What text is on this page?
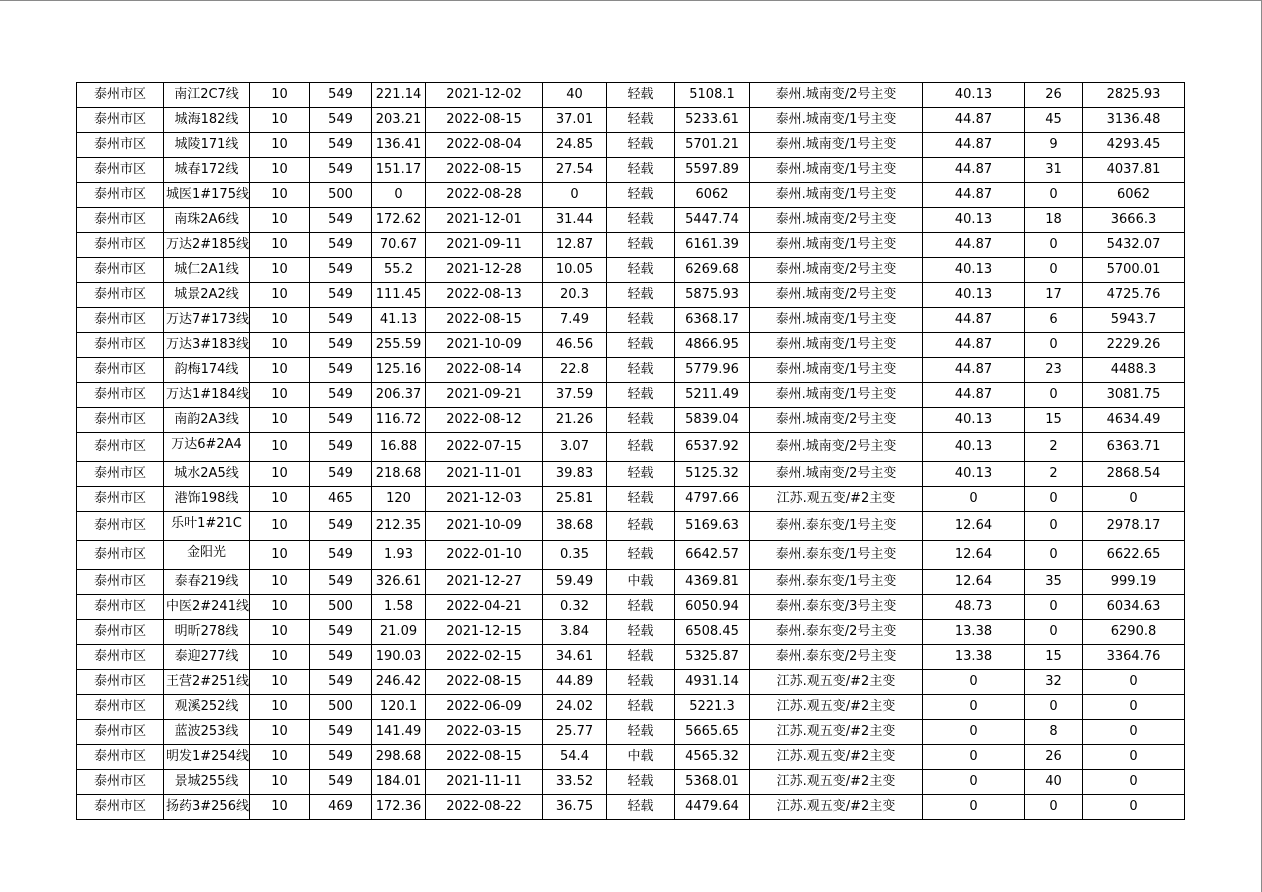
泰州市区	南江2C7线	10	549	221.14	2021-12-02	40	轻载	5108.1	泰州.城南变/2号主变	40.13	26	2825.93
泰州市区	城海182线	10	549	203.21	2022-08-15	37.01	轻载	5233.61	泰州.城南变/1号主变	44.87	45	3136.48
泰州市区	城陵171线	10	549	136.41	2022-08-04	24.85	轻载	5701.21	泰州.城南变/1号主变	44.87	9	4293.45
泰州市区	城春172线	10	549	151.17	2022-08-15	27.54	轻载	5597.89	泰州.城南变/1号主变	44.87	31	4037.81
泰州市区	城医1#175线	10	500	0	2022-08-28	0	轻载	6062	泰州.城南变/1号主变	44.87	0	6062
泰州市区	南珠2A6线	10	549	172.62	2021-12-01	31.44	轻载	5447.74	泰州.城南变/2号主变	40.13	18	3666.3
泰州市区	万达2#185线	10	549	70.67	2021-09-11	12.87	轻载	6161.39	泰州.城南变/1号主变	44.87	0	5432.07
泰州市区	城仁2A1线	10	549	55.2	2021-12-28	10.05	轻载	6269.68	泰州.城南变/2号主变	40.13	0	5700.01
泰州市区	城景2A2线	10	549	111.45	2022-08-13	20.3	轻载	5875.93	泰州.城南变/2号主变	40.13	17	4725.76
泰州市区	万达7#173线	10	549	41.13	2022-08-15	7.49	轻载	6368.17	泰州.城南变/1号主变	44.87	6	5943.7
泰州市区	万达3#183线	10	549	255.59	2021-10-09	46.56	轻载	4866.95	泰州.城南变/1号主变	44.87	0	2229.26
泰州市区	韵梅174线	10	549	125.16	2022-08-14	22.8	轻载	5779.96	泰州.城南变/1号主变	44.87	23	4488.3
泰州市区	万达1#184线	10	549	206.37	2021-09-21	37.59	轻载	5211.49	泰州.城南变/1号主变	44.87	0	3081.75
泰州市区	南韵2A3线	10	549	116.72	2022-08-12	21.26	轻载	5839.04	泰州.城南变/2号主变	40.13	15	4634.49
泰州市区	万达6#2A4	10	549	16.88	2022-07-15	3.07	轻载	6537.92	泰州.城南变/2号主变	40.13	2	6363.71
泰州市区	城水2A5线	10	549	218.68	2021-11-01	39.83	轻载	5125.32	泰州.城南变/2号主变	40.13	2	2868.54
泰州市区	港饰198线	10	465	120	2021-12-03	25.81	轻载	4797.66	江苏.观五变/#2主变	0	0	0
泰州市区	乐叶1#21C	10	549	212.35	2021-10-09	38.68	轻载	5169.63	泰州.泰东变/1号主变	12.64	0	2978.17
泰州市区	金阳光	10	549	1.93	2022-01-10	0.35	轻载	6642.57	泰州.泰东变/1号主变	12.64	0	6622.65
泰州市区	泰春219线	10	549	326.61	2021-12-27	59.49	中载	4369.81	泰州.泰东变/1号主变	12.64	35	999.19
泰州市区	中医2#241线	10	500	1.58	2022-04-21	0.32	轻载	6050.94	泰州.泰东变/3号主变	48.73	0	6034.63
泰州市区	明昕278线	10	549	21.09	2021-12-15	3.84	轻载	6508.45	泰州.泰东变/2号主变	13.38	0	6290.8
泰州市区	泰迎277线	10	549	190.03	2022-02-15	34.61	轻载	5325.87	泰州.泰东变/2号主变	13.38	15	3364.76
泰州市区	王营2#251线	10	549	246.42	2022-08-15	44.89	轻载	4931.14	江苏.观五变/#2主变	0	32	0
泰州市区	观溪252线	10	500	120.1	2022-06-09	24.02	轻载	5221.3	江苏.观五变/#2主变	0	0	0
泰州市区	蓝波253线	10	549	141.49	2022-03-15	25.77	轻载	5665.65	江苏.观五变/#2主变	0	8	0
泰州市区	明发1#254线	10	549	298.68	2022-08-15	54.4	中载	4565.32	江苏.观五变/#2主变	0	26	0
泰州市区	景城255线	10	549	184.01	2021-11-11	33.52	轻载	5368.01	江苏.观五变/#2主变	0	40	0
泰州市区	扬药3#256线	10	469	172.36	2022-08-22	36.75	轻载	4479.64	江苏.观五变/#2主变	0	0	0
